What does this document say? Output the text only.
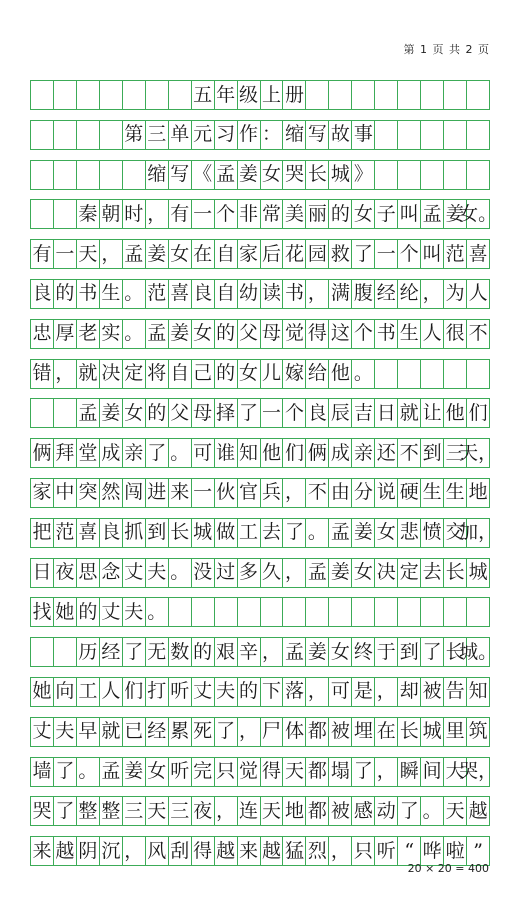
第 1 页 共 2 页
五 年 级 上 册
第 三 单 元 习 作 ： 缩 写 故 事
缩 写 《 孟 姜 女 哭 长 城 》
秦 朝 时 ， 有 一 个 非 常 美 丽 的 女 子 叫 孟 姜
女。
有 一 天 ， 孟 姜 女 在 自 家 后 花 园 救 了 一 个 叫 范 喜
良 的 书 生 。 范 喜 良 自 幼 读 书 ， 满 腹 经 纶 ， 为 人
忠 厚 老 实 。 孟 姜 女 的 父 母 觉 得 这 个 书 生 人 很 不
错 ， 就 决 定 将 自 己 的 女 儿 嫁 给 他 。
孟 姜 女 的 父 母 择 了 一 个 良 辰 吉 日 就 让 他 们
俩 拜 堂 成 亲 了 。 可 谁 知 他 们 俩 成 亲 还 不 到 三
天，
家 中 突 然 闯 进 来 一 伙 官 兵 ， 不 由 分 说 硬 生 生 地
把 范 喜 良 抓 到 长 城 做 工 去 了 。 孟 姜 女 悲 愤 交
加，
日 夜 思 念 丈 夫 。 没 过 多 久 ， 孟 姜 女 决 定 去 长 城
找 她 的 丈 夫 。
历 经 了 无 数 的 艰 辛 ， 孟 姜 女 终 于 到 了 长
城。
她 向 工 人 们 打 听 丈 夫 的 下 落 ， 可 是 ， 却 被 告 知
丈 夫 早 就 已 经 累 死 了 ， 尸 体 都 被 埋 在 长 城 里 筑
墙 了 。 孟 姜 女 听 完 只 觉 得 天 都 塌 了 ， 瞬 间 大
哭，
哭 了 整 整 三 天 三 夜 ， 连 天 地 都 被 感 动 了 。 天 越
来 越 阴 沉 ， 风 刮 得 越 来 越 猛 烈 ， 只 听 “ 哗 啦 ”
20 × 20 = 400
